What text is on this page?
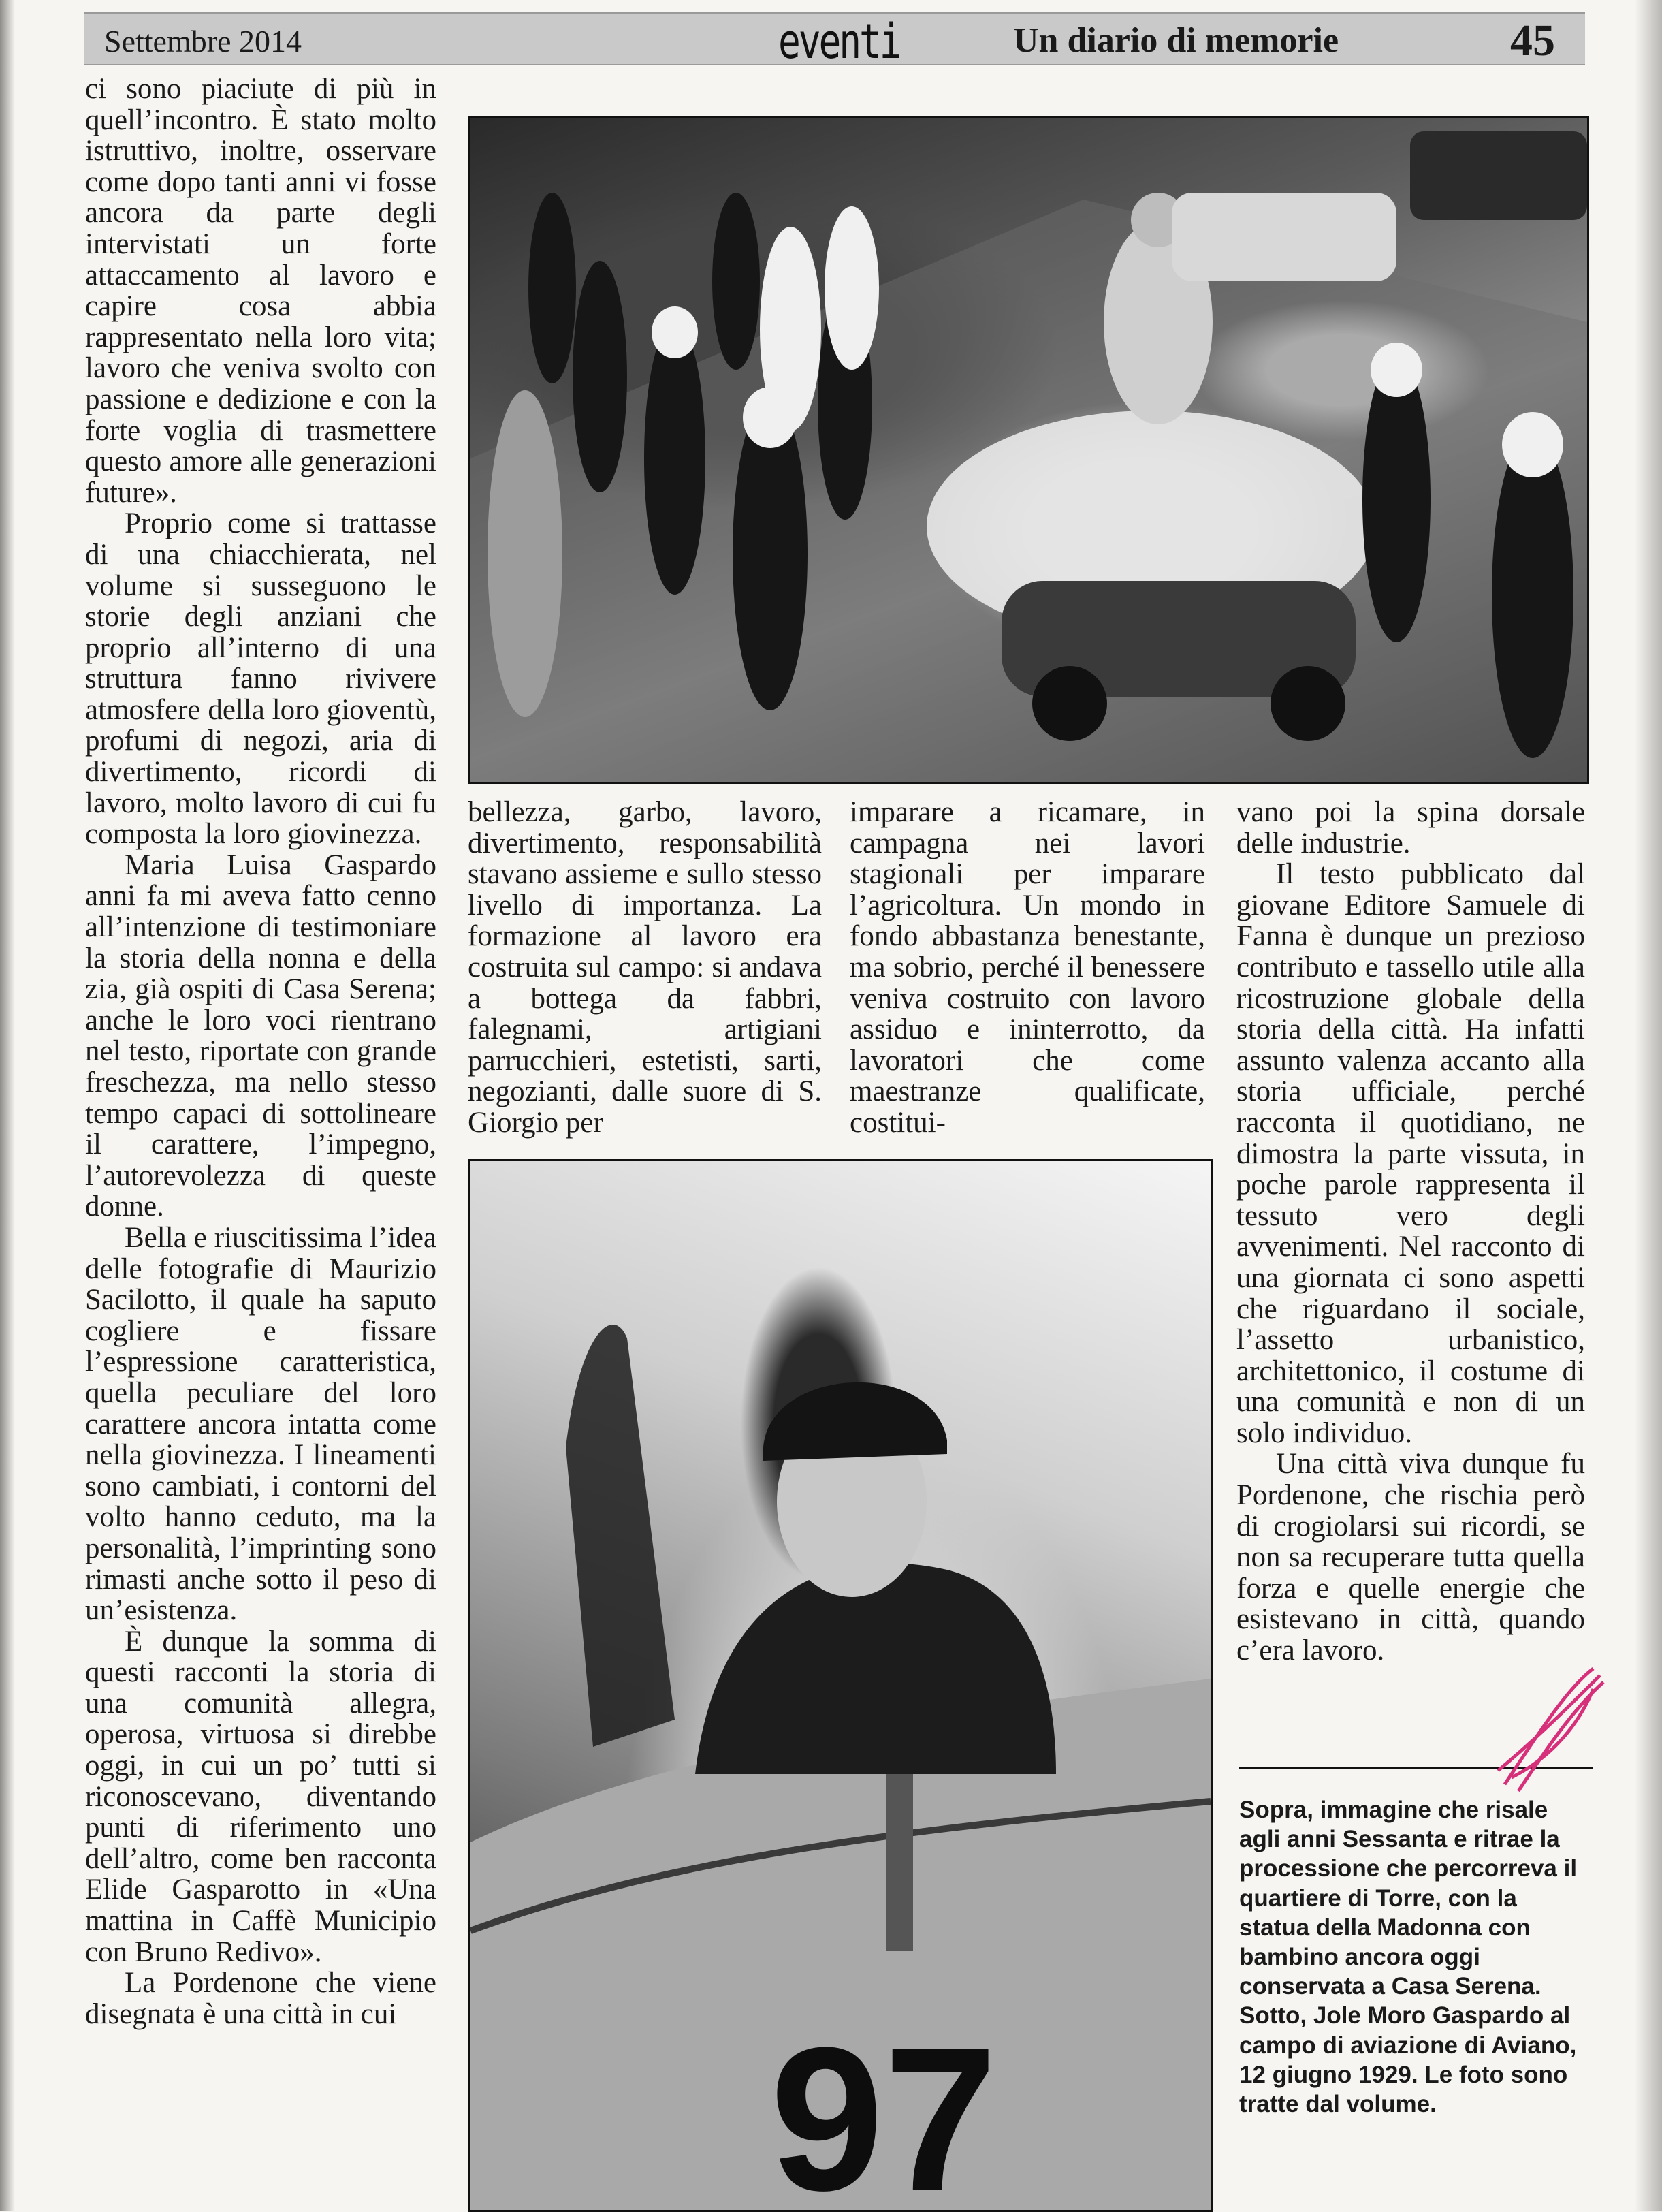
Settembre 2014	eventi	Un diario di memorie	45

ci sono piaciute di più in quell’incontro. È stato molto istruttivo, inoltre, osservare come dopo tanti anni vi fosse ancora da parte degli intervistati un forte attaccamento al lavoro e capire cosa abbia rappresentato nella loro vita; lavoro che veniva svolto con passione e dedizione e con la forte voglia di trasmettere questo amore alle generazioni future».

Proprio come si trattasse di una chiacchierata, nel volume si susseguono le storie degli anziani che proprio all’interno di una struttura fanno rivivere atmosfere della loro gioventù, profumi di negozi, aria di divertimento, ricordi di lavoro, molto lavoro di cui fu composta la loro giovinezza.

Maria Luisa Gaspardo anni fa mi aveva fatto cenno all’intenzione di testimoniare la storia della nonna e della zia, già ospiti di Casa Serena; anche le loro voci rientrano nel testo, riportate con grande freschezza, ma nello stesso tempo capaci di sottolineare il carattere, l’impegno, l’autorevolezza di queste donne.

Bella e riuscitissima l’idea delle fotografie di Maurizio Sacilotto, il quale ha saputo cogliere e fissare l’espressione caratteristica, quella peculiare del loro carattere ancora intatta come nella giovinezza. I lineamenti sono cambiati, i contorni del volto hanno ceduto, ma la personalità, l’imprinting sono rimasti anche sotto il peso di un’esistenza.

È dunque la somma di questi racconti la storia di una comunità allegra, operosa, virtuosa si direbbe oggi, in cui un po’ tutti si riconoscevano, diventando punti di riferimento uno dell’altro, come ben racconta Elide Gasparotto in «Una mattina in Caffè Municipio con Bruno Redivo».

La Pordenone che viene disegnata è una città in cui

bellezza, garbo, lavoro, divertimento, responsabilità stavano assieme e sullo stesso livello di importanza. La formazione al lavoro era costruita sul campo: si andava a bottega da fabbri, falegnami, artigiani parrucchieri, estetisti, sarti, negozianti, dalle suore di S. Giorgio per

imparare a ricamare, in campagna nei lavori stagionali per imparare l’agricoltura. Un mondo in fondo abbastanza benestante, ma sobrio, perché il benessere veniva costruito con lavoro assiduo e ininterrotto, da lavoratori che come maestranze qualificate, costitui-

vano poi la spina dorsale delle industrie.

Il testo pubblicato dal giovane Editore Samuele di Fanna è dunque un prezioso contributo e tassello utile alla ricostruzione globale della storia della città. Ha infatti assunto valenza accanto alla storia ufficiale, perché racconta il quotidiano, ne dimostra la parte vissuta, in poche parole rappresenta il tessuto vero degli avvenimenti. Nel racconto di una giornata ci sono aspetti che riguardano il sociale, l’assetto urbanistico, architettonico, il costume di una comunità e non di un solo individuo.

Una città viva dunque fu Pordenone, che rischia però di crogiolarsi sui ricordi, se non sa recuperare tutta quella forza e quelle energie che esistevano in città, quando c’era lavoro.

97
Sopra, immagine che risale agli anni Sessanta e ritrae la processione che percorreva il quartiere di Torre, con la statua della Madonna con bambino ancora oggi conservata a Casa Serena. Sotto, Jole Moro Gaspardo al campo di aviazione di Aviano, 12 giugno 1929. Le foto sono tratte dal volume.
